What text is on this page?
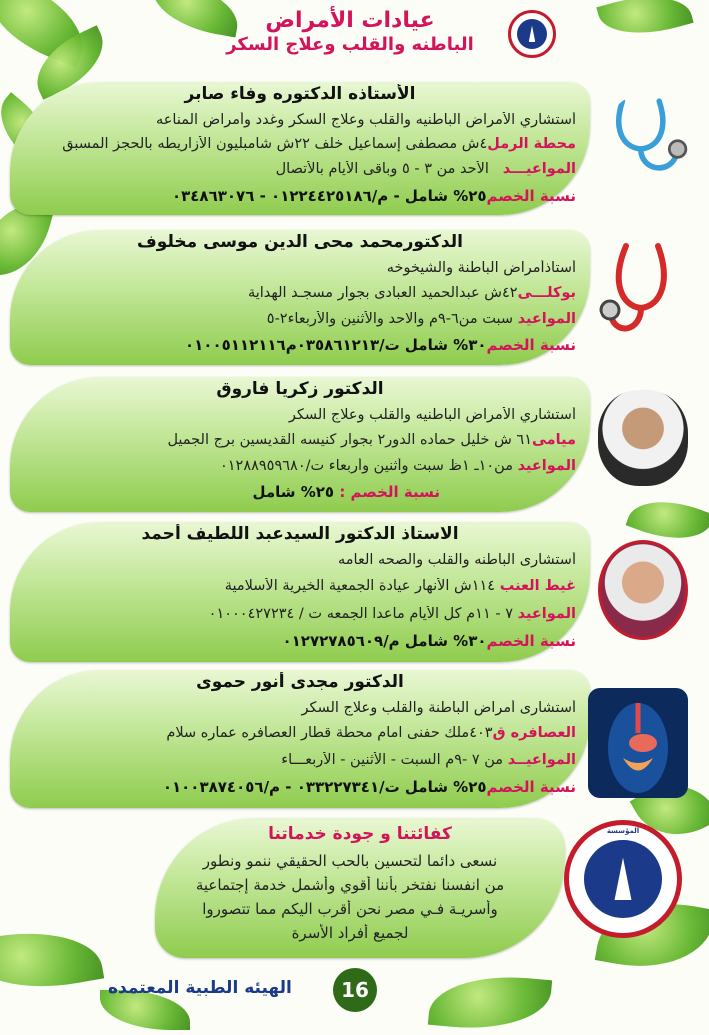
عيادات الأمراض
الباطنه والقلب وعلاج السكر
الأستاذه الدكتوره وفاء صابر
أستشاري الأمراض الباطنيه والقلب وعلاج السكر وغدد وأمراض المناعه
محطة الرمل٤ش مصطفى إسماعيل خلف ٢٢ش شامبليون الأزاريطه بالحجز المسبق
المواعيـــد   الأحد من ٣ - ٥ وباقى الأيام بالأتصال
نسبة الخصم٢٥% شامل - م/٠١٢٢٤٤٢٥١٨٦ - ٠٣٤٨٦٣٠٧٦
الدكتورمحمد محى الدين موسى مخلوف
أستاذأمراض الباطنة والشيخوخه
بوكلـــى٤٢ش عبدالحميد العبادى بجوار مسجـد الهداية
المواعيد سبت من٦-٩م والاحد والأثنين والأربعاء٢-٥
نسبة الخصم٣٠% شامل ت/٠٣٥٨٦١٢١٣م٠١٠٠٥١١٢١١٦
الدكتور زكريا فاروق
أستشاري الأمراض الباطنيه والقلب وعلاج السكر
ميامى٦١ ش خليل حماده الدور٢ بجوار كنيسه القديسين برج الجميل
المواعيد من١٠ـ ١ظ سبت وأثنين وأربعاء ت/٠١٢٨٨٩٥٩٦٨٠
نسبة الخصم : ٢٥% شامل
الاستاذ الدكتور السيدعبد اللطيف أحمد
أستشارى الباطنه والقلب والصحه العامه
غيط العنب ١١٤ش الأنهار عيادة الجمعية الخيرية الأسلامية
المواعيد ٧ - ١١م كل الأيام ماعدا الجمعه ت / ٠١٠٠٠٤٢٧٢٣٤
نسبة الخصم٣٠% شامل م/٠١٢٧٢٧٨٥٦٠٩
الدكتور مجدى أنور حموى
أستشارى أمراض الباطنة والقلب وعلاج السكر
العصافره ق٤٠٣ملك حفنى امام محطة قطار العصافره عماره سلام
المواعيــد من ٧ -٩م السبت - الأثنين - الأربعـــاء
نسبة الخصم٢٥% شامل ت/٠٣٣٢٢٧٣٤١ - م/٠١٠٠٣٨٧٤٠٥٦
كفائتنا و جودة خدماتنا
نسعى دائما لتحسين بالحب الحقيقي ننمو ونطور
من انفسنا نفتخر بأننا أقوي وأشمل خدمة إجتماعية
وأسريـة فـي مصر نحن أقرب اليكم مما تتصوروا
لجميع أفراد الأسرة
المؤسسة
16
الهيئه الطبية المعتمده
